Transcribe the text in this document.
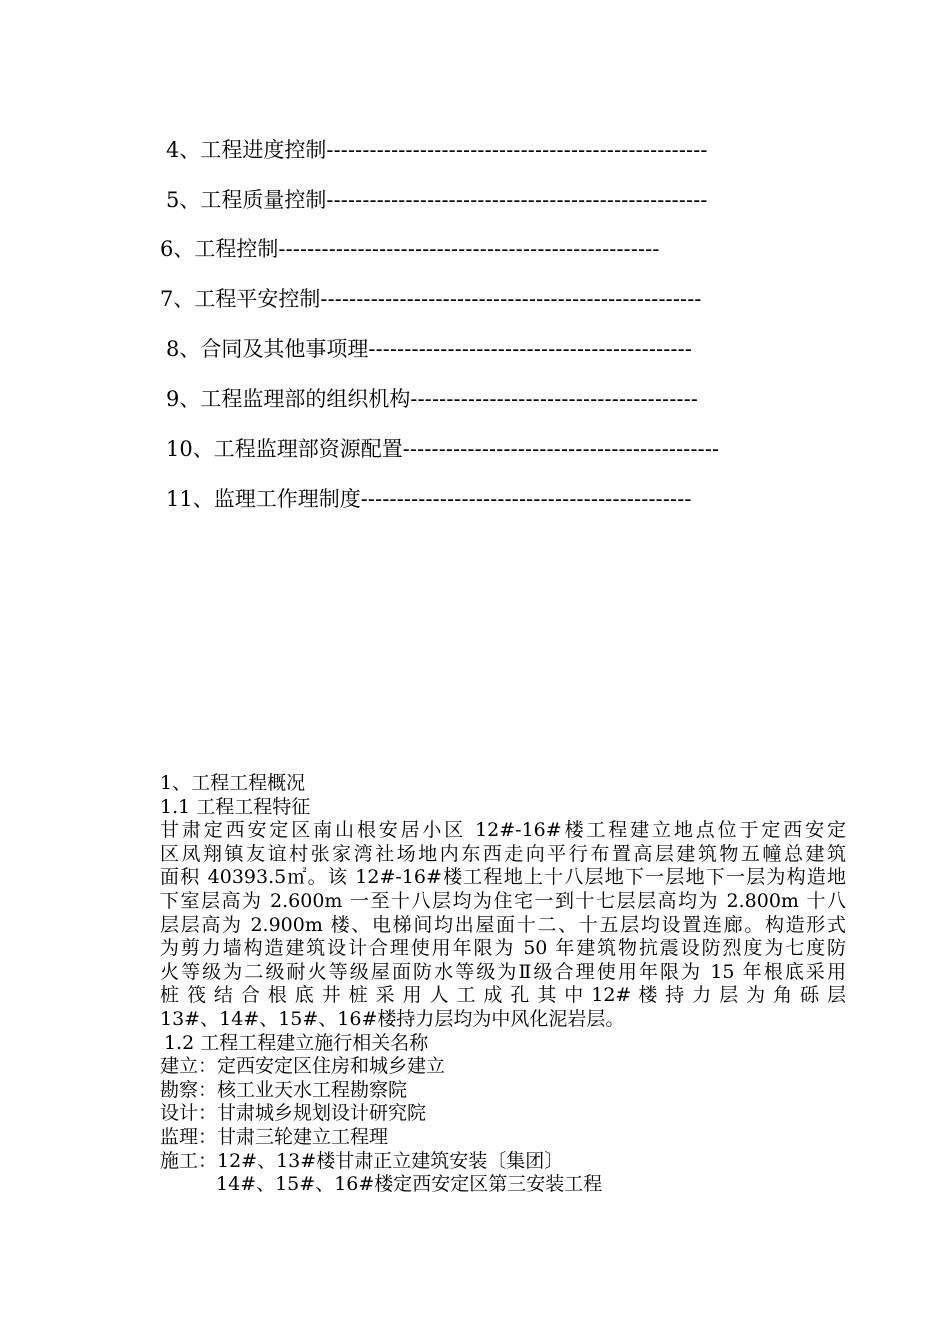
4、工程进度控制-----------------------------------------------------
5、工程质量控制-----------------------------------------------------
6、工程控制-----------------------------------------------------
7、工程平安控制-----------------------------------------------------
8、合同及其他事项理---------------------------------------------
9、工程监理部的组织机构----------------------------------------
10、工程监理部资源配置--------------------------------------------
11、监理工作理制度----------------------------------------------
1、工程工程概况
1.1 工程工程特征
甘肃定西安定区南山根安居小区 12#-16#楼工程建立地点位于定西安定
区凤翔镇友谊村张家湾社场地内东西走向平行布置高层建筑物五幢总建筑
面积 40393.5㎡。该 12#-16#楼工程地上十八层地下一层地下一层为构造地
下室层高为 2.600m 一至十八层均为住宅一到十七层层高均为 2.800m 十八
层层高为 2.900m 楼、电梯间均出屋面十二、十五层均设置连廊。构造形式
为剪力墙构造建筑设计合理使用年限为 50 年建筑物抗震设防烈度为七度防
火等级为二级耐火等级屋面防水等级为Ⅱ级合理使用年限为 15 年根底采用
桩 筏 结 合 根 底 井 桩 采 用 人 工 成 孔 其 中 12# 楼 持 力 层 为 角 砾 层
13#、14#、15#、16#楼持力层均为中风化泥岩层。
1.2 工程工程建立施行相关名称
建立：定西安定区住房和城乡建立
勘察：核工业天水工程勘察院
设计：甘肃城乡规划设计研究院
监理：甘肃三轮建立工程理
施工：12#、13#楼甘肃正立建筑安装〔集团〕
14#、15#、16#楼定西安定区第三安装工程
